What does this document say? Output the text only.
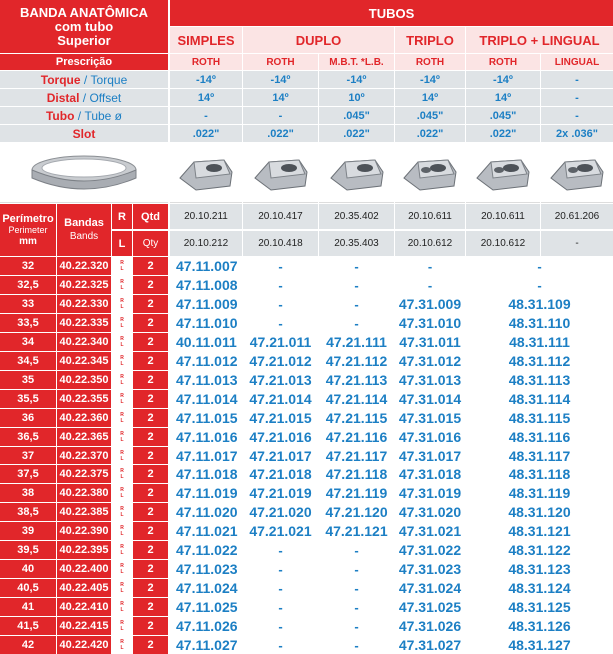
BANDA ANATÔMICA
com tubo
Superior
Prescrição
TUBOS
SIMPLES	DUPLO	TRIPLO	TRIPLO + LINGUAL
ROTH	ROTH	M.B.T. *L.B.	ROTH	ROTH	LINGUAL
Torque / Torque	-14º	-14º	-14º	-14º	-14º	-
Distal / Offset	14º	14º	10º	14º	14º	-
Tubo / Tube ø	-	-	.045"	.045"	.045"	-
Slot	.022"	.022"	.022"	.022"	.022"	2x .036"
Perímetro
Perimeter
mm
Bandas
Bands
R
L
Qtd
Qty
20.10.211	20.10.417	20.35.402	20.10.611	20.10.611	20.61.206
20.10.212	20.10.418	20.35.403	20.10.612	20.10.612	-
32	40.22.320	R
L	2	47.11.007	-	-	-	-
32,5	40.22.325	R
L	2	47.11.008	-	-	-	-
33	40.22.330	R
L	2	47.11.009	-	-	47.31.009	48.31.109
33,5	40.22.335	R
L	2	47.11.010	-	-	47.31.010	48.31.110
34	40.22.340	R
L	2	40.11.011 47.21.011	47.21.111 47.31.011	48.31.111
34,5	40.22.345	R
L	2	47.11.012 47.21.012	47.21.112 47.31.012	48.31.112
35	40.22.350	R
L	2	47.11.013 47.21.013	47.21.113 47.31.013	48.31.113
35,5	40.22.355	R
L	2	47.11.014 47.21.014	47.21.114 47.31.014	48.31.114
36	40.22.360	R
L	2	47.11.015 47.21.015	47.21.115 47.31.015	48.31.115
36,5	40.22.365	R
L	2	47.11.016 47.21.016	47.21.116 47.31.016	48.31.116
37	40.22.370	R
L	2	47.11.017 47.21.017	47.21.117 47.31.017	48.31.117
37,5	40.22.375	R
L	2	47.11.018 47.21.018	47.21.118 47.31.018	48.31.118
38	40.22.380	R
L	2	47.11.019 47.21.019	47.21.119 47.31.019	48.31.119
38,5	40.22.385	R
L	2	47.11.020 47.21.020 47.21.120 47.31.020	48.31.120
39	40.22.390	R
L	2	47.11.021 47.21.021 47.21.121 47.31.021	48.31.121
39,5	40.22.395	R
L	2	47.11.022	-	-	47.31.022	48.31.122
40	40.22.400	R
L	2	47.11.023	-	-	47.31.023	48.31.123
40,5	40.22.405	R
L	2	47.11.024	-	-	47.31.024	48.31.124
41	40.22.410	R
L	2	47.11.025	-	-	47.31.025	48.31.125
41,5	40.22.415	R
L	2	47.11.026	-	-	47.31.026	48.31.126
42	40.22.420	R
L	2	47.11.027	-	-	47.31.027	48.31.127
